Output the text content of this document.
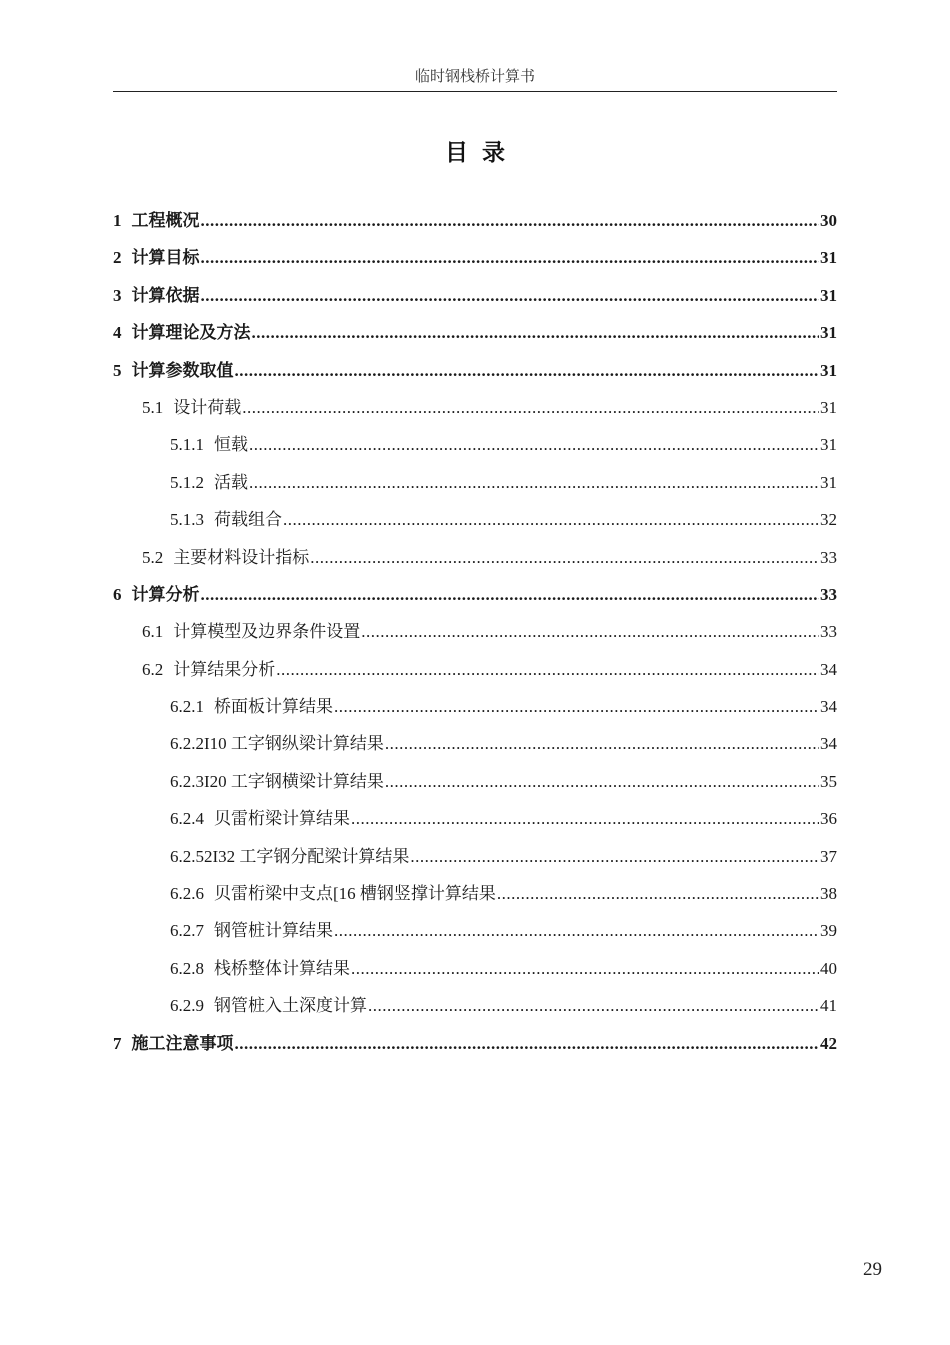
临时钢栈桥计算书
目录
1 工程概况 .....	30
2 计算目标 .....	31
3 计算依据 .....	31
4 计算理论及方法 .....	31
5 计算参数取值 .....	31
5.1 设计荷载 .....	31
5.1.1 恒载 .....	31
5.1.2 活载 .....	31
5.1.3 荷载组合 .....	32
5.2 主要材料设计指标 .....	33
6 计算分析 .....	33
6.1 计算模型及边界条件设置 .....	33
6.2 计算结果分析 .....	34
6.2.1 桥面板计算结果 .....	34
6.2.2 I10 工字钢纵梁计算结果 .....	34
6.2.3 I20 工字钢横梁计算结果 .....	35
6.2.4 贝雷桁梁计算结果 .....	36
6.2.5 2I32 工字钢分配梁计算结果 .....	37
6.2.6 贝雷桁梁中支点[16 槽钢竖撑计算结果 .....	38
6.2.7 钢管桩计算结果 .....	39
6.2.8 栈桥整体计算结果 .....	40
6.2.9 钢管桩入土深度计算 .....	41
7 施工注意事项 .....	42
29
